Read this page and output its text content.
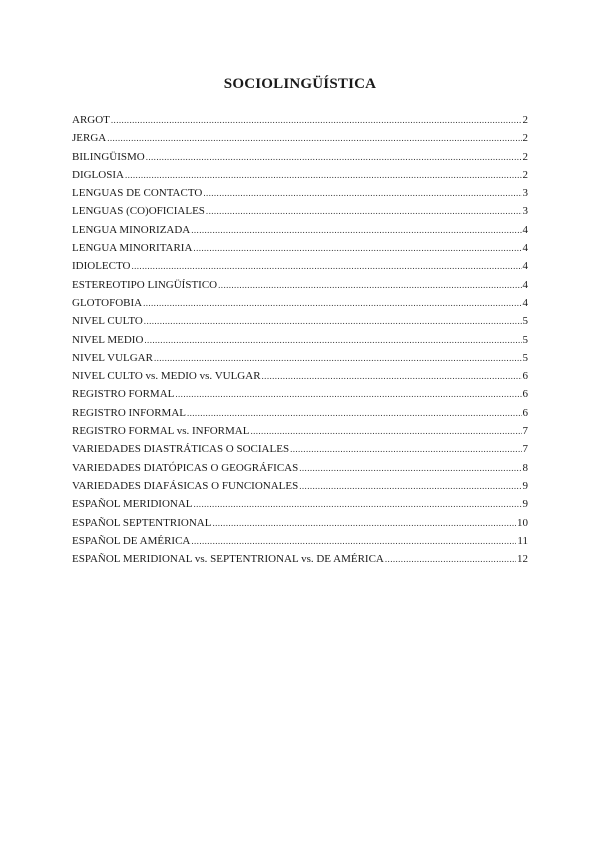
SOCIOLINGÜÍSTICA
ARGOT .....	2
JERGA .....	2
BILINGÜISMO .....	2
DIGLOSIA .....	2
LENGUAS DE CONTACTO .....	3
LENGUAS (CO)OFICIALES .....	3
LENGUA MINORIZADA .....	4
LENGUA MINORITARIA .....	4
IDIOLECTO .....	4
ESTEREOTIPO LINGÜÍSTICO .....	4
GLOTOFOBIA .....	4
NIVEL CULTO .....	5
NIVEL MEDIO .....	5
NIVEL VULGAR .....	5
NIVEL CULTO vs. MEDIO vs. VULGAR .....	6
REGISTRO FORMAL .....	6
REGISTRO INFORMAL .....	6
REGISTRO FORMAL vs. INFORMAL .....	7
VARIEDADES DIASTRÁTICAS O SOCIALES .....	7
VARIEDADES DIATÓPICAS O GEOGRÁFICAS .....	8
VARIEDADES DIAFÁSICAS O FUNCIONALES .....	9
ESPAÑOL MERIDIONAL .....	9
ESPAÑOL SEPTENTRIONAL .....	10
ESPAÑOL DE AMÉRICA .....	11
ESPAÑOL MERIDIONAL vs. SEPTENTRIONAL vs. DE AMÉRICA .....	12
